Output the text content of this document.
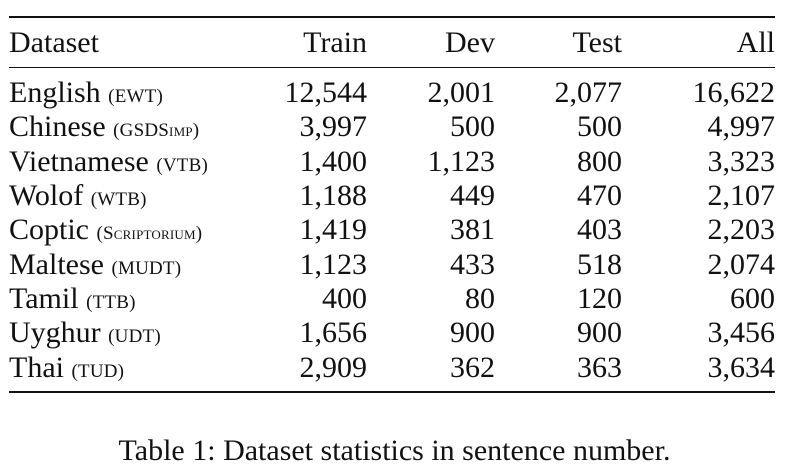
Dataset	Train	Dev	Test	All
English (EWT)	12,544	2,001	2,077	16,622
Chinese (GSDSimp)	3,997	500	500	4,997
Vietnamese (VTB)	1,400	1,123	800	3,323
Wolof (WTB)	1,188	449	470	2,107
Coptic (Scriptorium)	1,419	381	403	2,203
Maltese (MUDT)	1,123	433	518	2,074
Tamil (TTB)	400	80	120	600
Uyghur (UDT)	1,656	900	900	3,456
Thai (TUD)	2,909	362	363	3,634
Table 1: Dataset statistics in sentence number.
